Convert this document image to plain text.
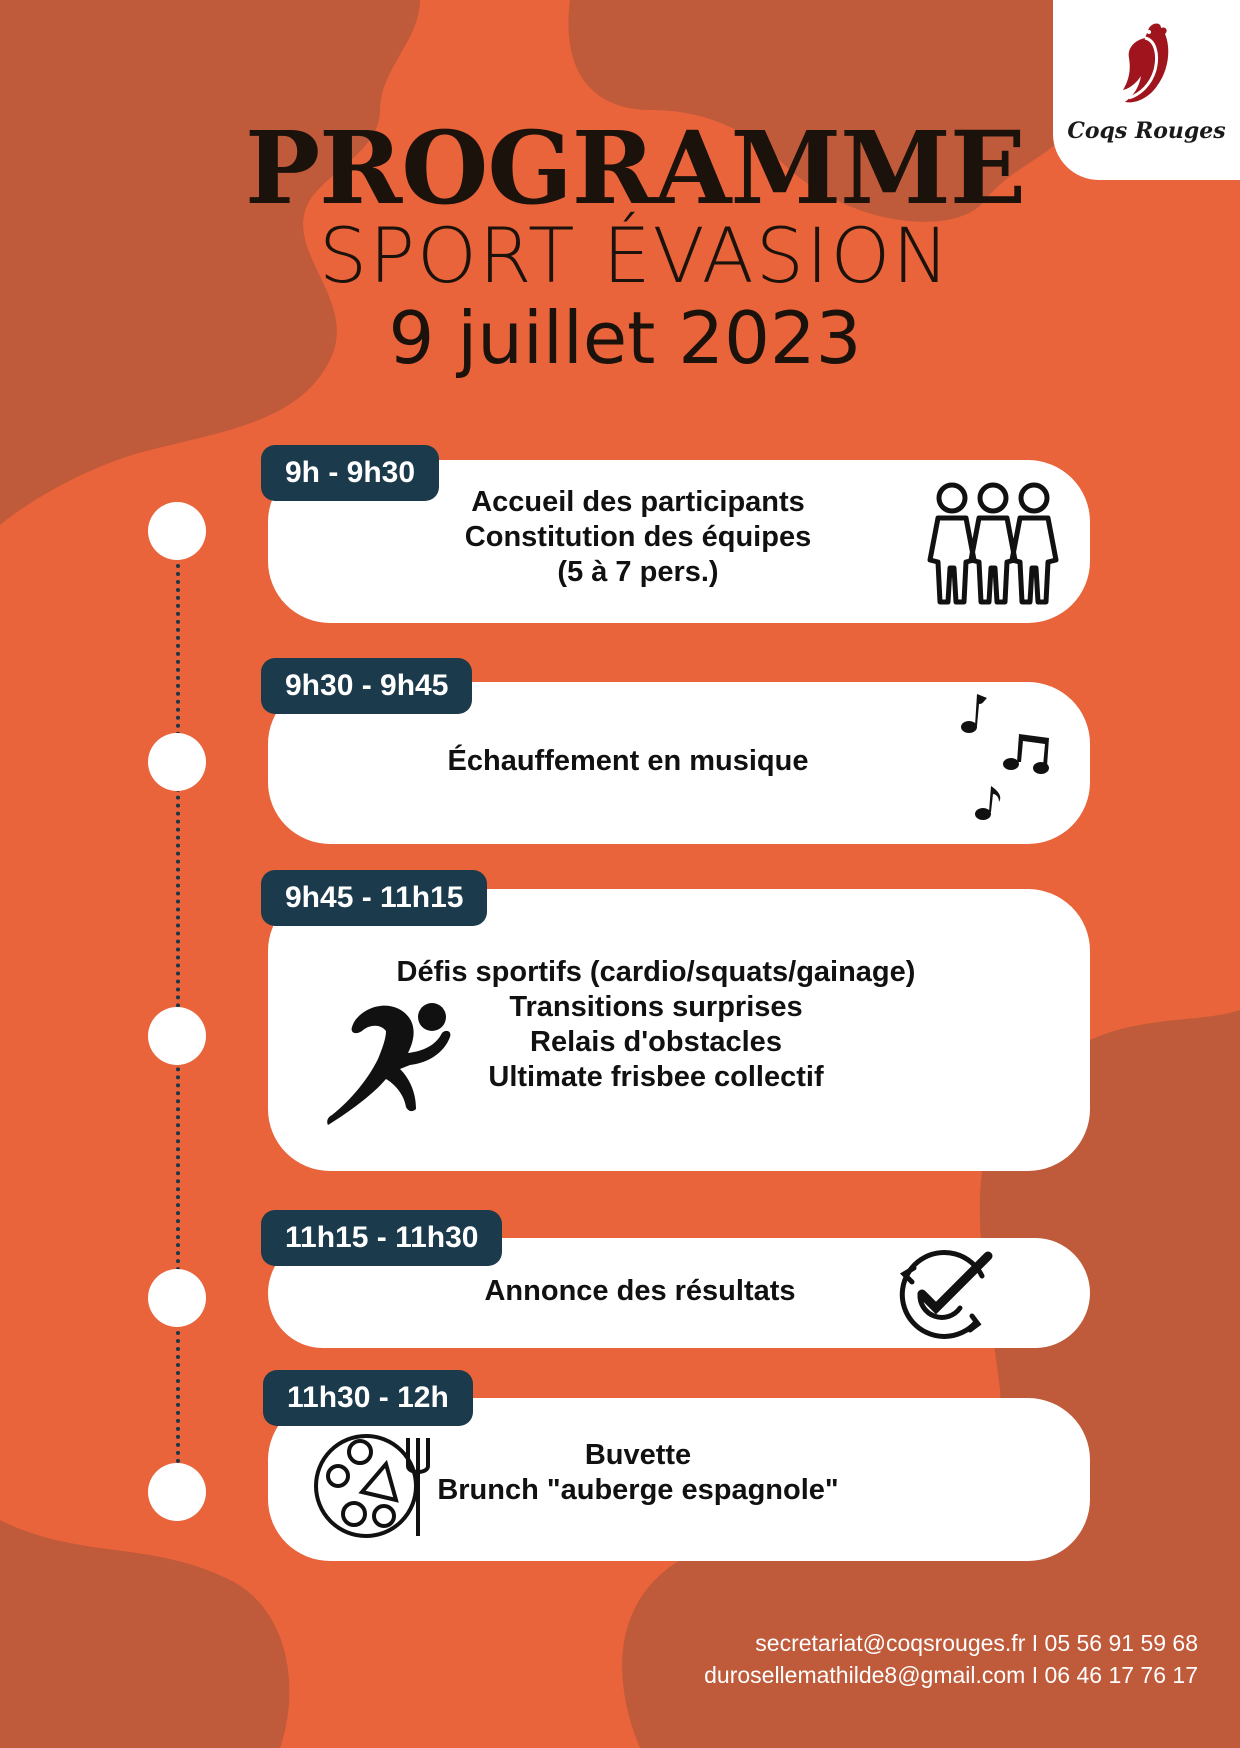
Coqs Rouges
PROGRAMME
SPORT ÉVASION
9 juillet 2023
Accueil des participants
Constitution des équipes
(5 à 7 pers.)
9h - 9h30
Échauffement en musique
9h30 - 9h45
Défis sportifs (cardio/squats/gainage)
Transitions surprises
Relais d'obstacles
Ultimate frisbee collectif
9h45 - 11h15
Annonce des résultats
11h15 - 11h30
Buvette
Brunch "auberge espagnole"
11h30 - 12h
secretariat@coqsrouges.fr I 05 56 91 59 68
durosellemathilde8@gmail.com I 06 46 17 76 17
